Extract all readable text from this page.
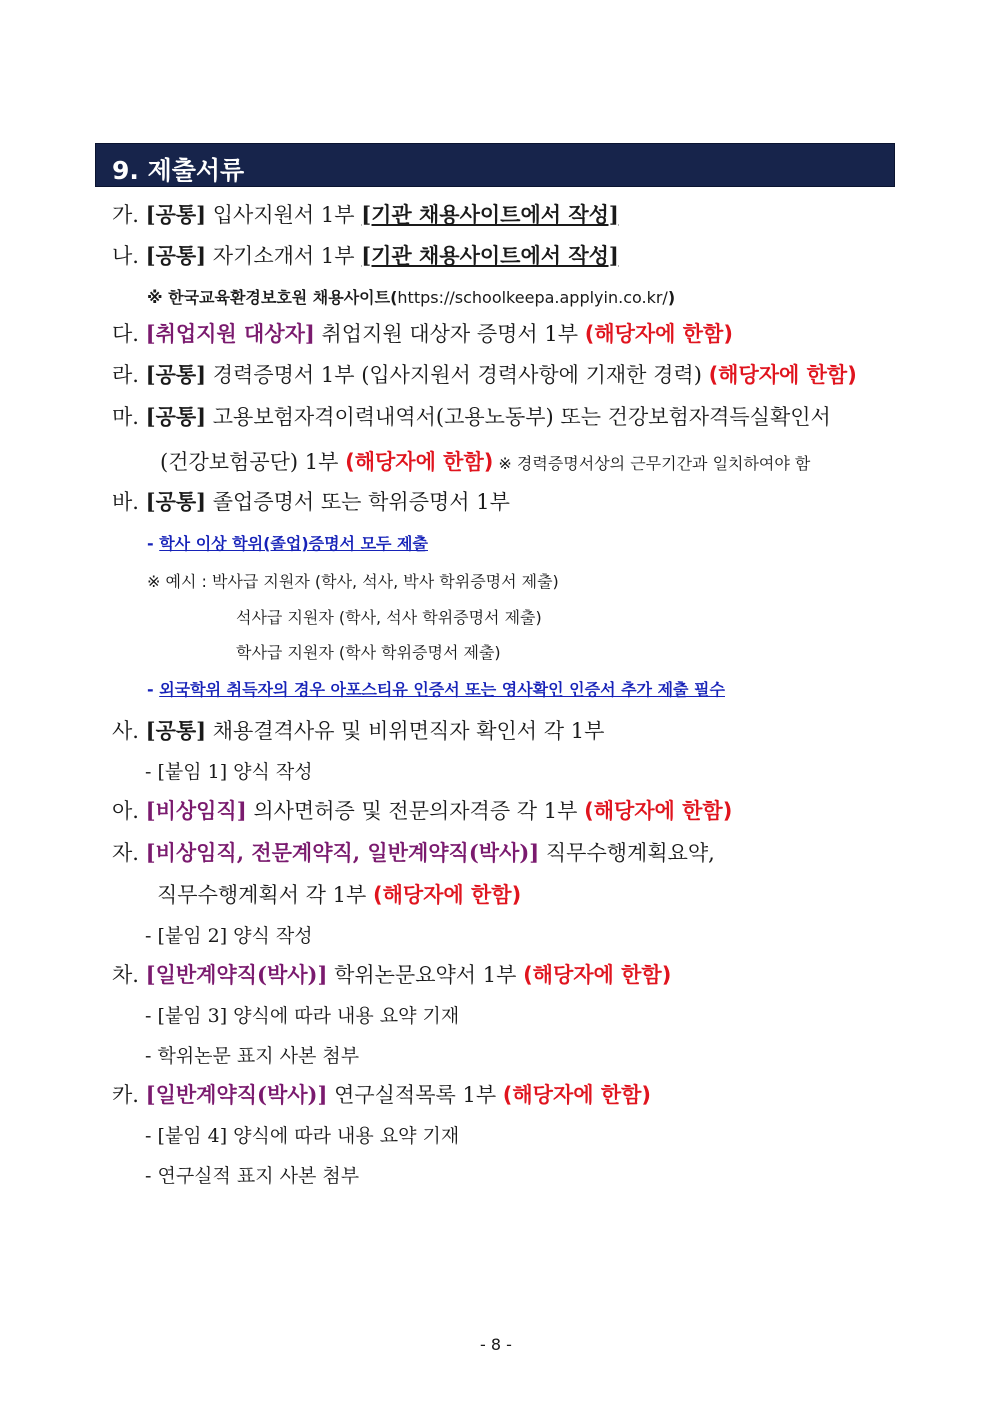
9. 제출서류
가. [공통] 입사지원서 1부 [기관 채용사이트에서 작성]
나. [공통] 자기소개서 1부 [기관 채용사이트에서 작성]
※ 한국교육환경보호원 채용사이트(https://schoolkeepa.applyin.co.kr/)
다. [취업지원 대상자] 취업지원 대상자 증명서 1부 (해당자에 한함)
라. [공통] 경력증명서 1부 (입사지원서 경력사항에 기재한 경력) (해당자에 한함)
마. [공통] 고용보험자격이력내역서(고용노동부) 또는 건강보험자격득실확인서
(건강보험공단) 1부 (해당자에 한함) ※ 경력증명서상의 근무기간과 일치하여야 함
바. [공통] 졸업증명서 또는 학위증명서 1부
- 학사 이상 학위(졸업)증명서 모두 제출
※ 예시 : 박사급 지원자 (학사, 석사, 박사 학위증명서 제출)
석사급 지원자 (학사, 석사 학위증명서 제출)
학사급 지원자 (학사 학위증명서 제출)
- 외국학위 취득자의 경우 아포스티유 인증서 또는 영사확인 인증서 추가 제출 필수
사. [공통] 채용결격사유 및 비위면직자 확인서 각 1부
- [붙임 1] 양식 작성
아. [비상임직] 의사면허증 및 전문의자격증 각 1부 (해당자에 한함)
자. [비상임직, 전문계약직, 일반계약직(박사)] 직무수행계획요약,
직무수행계획서 각 1부 (해당자에 한함)
- [붙임 2] 양식 작성
차. [일반계약직(박사)] 학위논문요약서 1부 (해당자에 한함)
- [붙임 3] 양식에 따라 내용 요약 기재
- 학위논문 표지 사본 첨부
카. [일반계약직(박사)] 연구실적목록 1부 (해당자에 한함)
- [붙임 4] 양식에 따라 내용 요약 기재
- 연구실적 표지 사본 첨부
- 8 -
